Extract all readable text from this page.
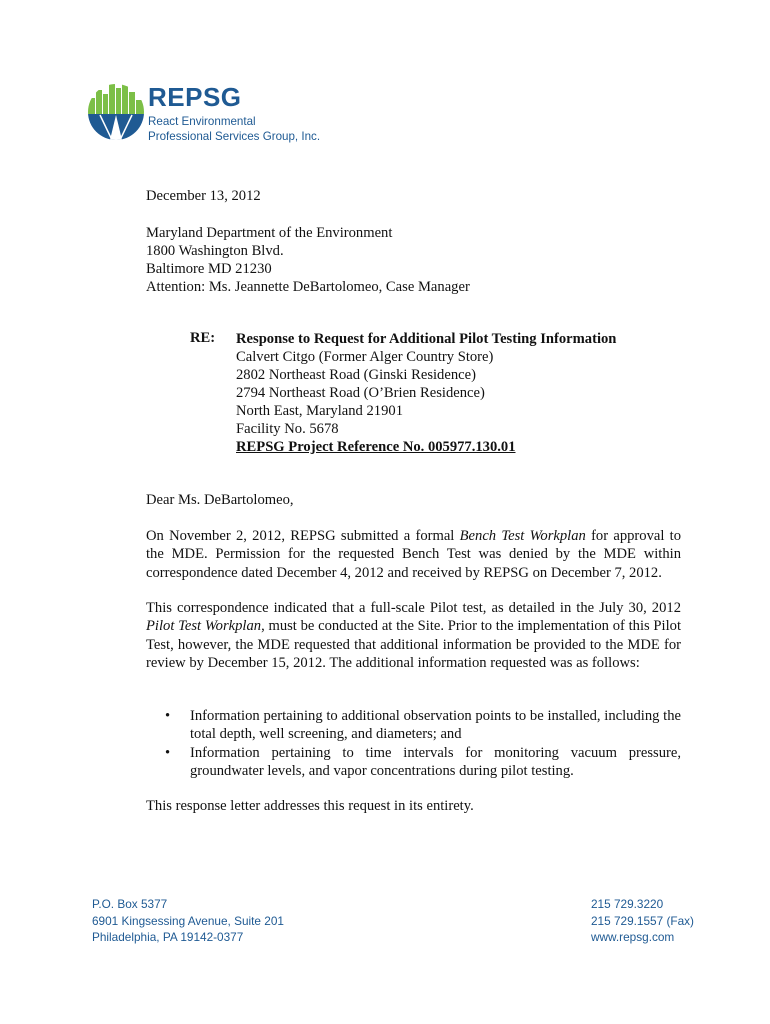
REPSG
React Environmental
Professional Services Group, Inc.
December 13, 2012
Maryland Department of the Environment
1800 Washington Blvd.
Baltimore MD 21230
Attention: Ms. Jeannette DeBartolomeo, Case Manager
RE: Response to Request for Additional Pilot Testing Information
Calvert Citgo (Former Alger Country Store)
2802 Northeast Road (Ginski Residence)
2794 Northeast Road (O’Brien Residence)
North East, Maryland 21901
Facility No. 5678
REPSG Project Reference No. 005977.130.01
Dear Ms. DeBartolomeo,
On November 2, 2012, REPSG submitted a formal Bench Test Workplan for approval to the MDE. Permission for the requested Bench Test was denied by the MDE within correspondence dated December 4, 2012 and received by REPSG on December 7, 2012.
This correspondence indicated that a full-scale Pilot test, as detailed in the July 30, 2012 Pilot Test Workplan, must be conducted at the Site. Prior to the implementation of this Pilot Test, however, the MDE requested that additional information be provided to the MDE for review by December 15, 2012. The additional information requested was as follows:
• Information pertaining to additional observation points to be installed, including the total depth, well screening, and diameters; and
• Information pertaining to time intervals for monitoring vacuum pressure, groundwater levels, and vapor concentrations during pilot testing.
This response letter addresses this request in its entirety.
P.O. Box 5377
6901 Kingsessing Avenue, Suite 201
Philadelphia, PA 19142-0377
215 729.3220
215 729.1557 (Fax)
www.repsg.com
